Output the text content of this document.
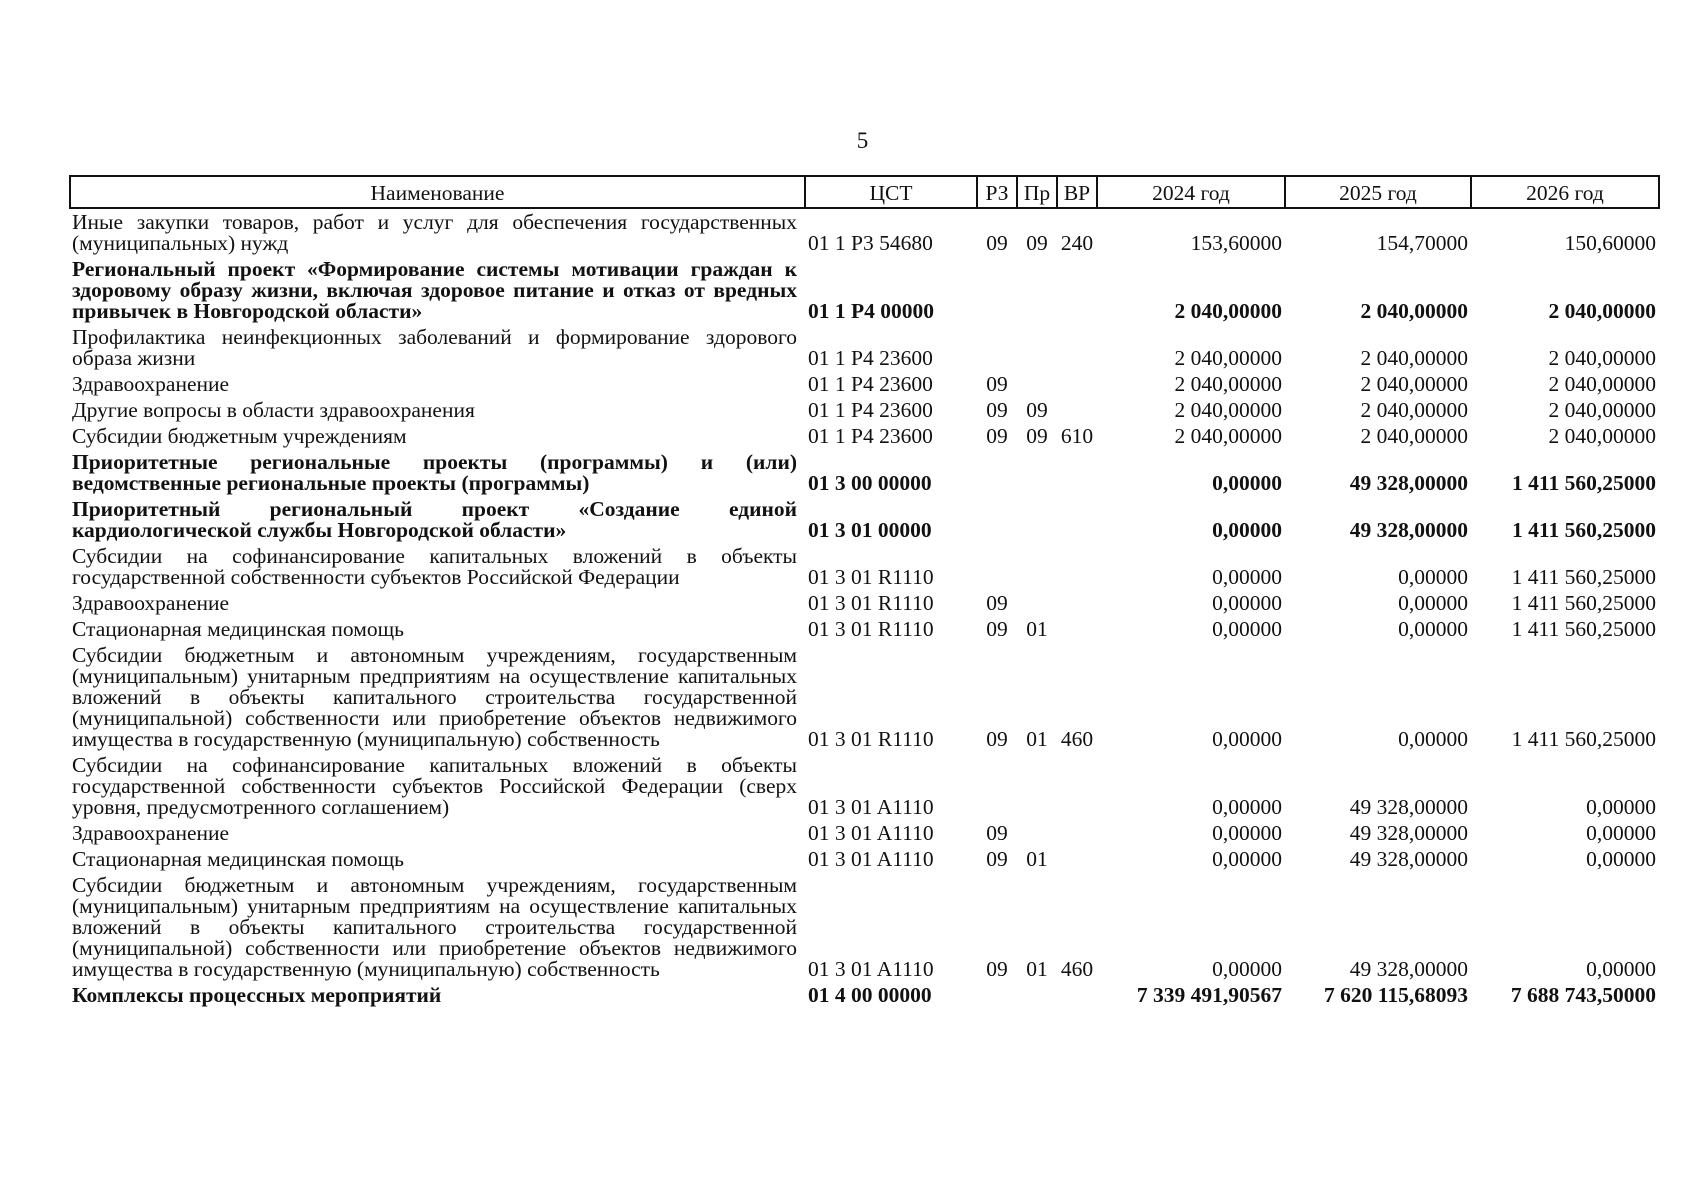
5
Наименование	ЦСТ	РЗ	Пр	ВР	2024 год	2025 год	2026 год
Иные закупки товаров, работ и услуг для обеспечения государственных (муниципальных) нужд	01 1 P3 54680	09	09	240	153,60000	154,70000	150,60000
Региональный проект «Формирование системы мотивации граждан к здоровому образу жизни, включая здоровое питание и отказ от вредных привычек в Новгородской области»	01 1 P4 00000				2 040,00000	2 040,00000	2 040,00000
Профилактика неинфекционных заболеваний и формирование здорового образа жизни	01 1 P4 23600				2 040,00000	2 040,00000	2 040,00000
Здравоохранение	01 1 P4 23600	09			2 040,00000	2 040,00000	2 040,00000
Другие вопросы в области здравоохранения	01 1 P4 23600	09	09		2 040,00000	2 040,00000	2 040,00000
Субсидии бюджетным учреждениям	01 1 P4 23600	09	09	610	2 040,00000	2 040,00000	2 040,00000
Приоритетные региональные проекты (программы) и (или) ведомственные региональные проекты (программы)	01 3 00 00000				0,00000	49 328,00000	1 411 560,25000
Приоритетный региональный проект «Создание единой кардиологической службы Новгородской области»	01 3 01 00000				0,00000	49 328,00000	1 411 560,25000
Субсидии на софинансирование капитальных вложений в объекты государственной собственности субъектов Российской Федерации	01 3 01 R1110				0,00000	0,00000	1 411 560,25000
Здравоохранение	01 3 01 R1110	09			0,00000	0,00000	1 411 560,25000
Стационарная медицинская помощь	01 3 01 R1110	09	01		0,00000	0,00000	1 411 560,25000
Субсидии бюджетным и автономным учреждениям, государственным (муниципальным) унитарным предприятиям на осуществление капитальных вложений в объекты капитального строительства государственной (муниципальной) собственности или приобретение объектов недвижимого имущества в государственную (муниципальную) собственность	01 3 01 R1110	09	01	460	0,00000	0,00000	1 411 560,25000
Субсидии на софинансирование капитальных вложений в объекты государственной собственности субъектов Российской Федерации (сверх уровня, предусмотренного соглашением)	01 3 01 A1110				0,00000	49 328,00000	0,00000
Здравоохранение	01 3 01 A1110	09			0,00000	49 328,00000	0,00000
Стационарная медицинская помощь	01 3 01 A1110	09	01		0,00000	49 328,00000	0,00000
Субсидии бюджетным и автономным учреждениям, государственным (муниципальным) унитарным предприятиям на осуществление капитальных вложений в объекты капитального строительства государственной (муниципальной) собственности или приобретение объектов недвижимого имущества в государственную (муниципальную) собственность	01 3 01 A1110	09	01	460	0,00000	49 328,00000	0,00000
Комплексы процессных мероприятий	01 4 00 00000				7 339 491,90567	7 620 115,68093	7 688 743,50000
